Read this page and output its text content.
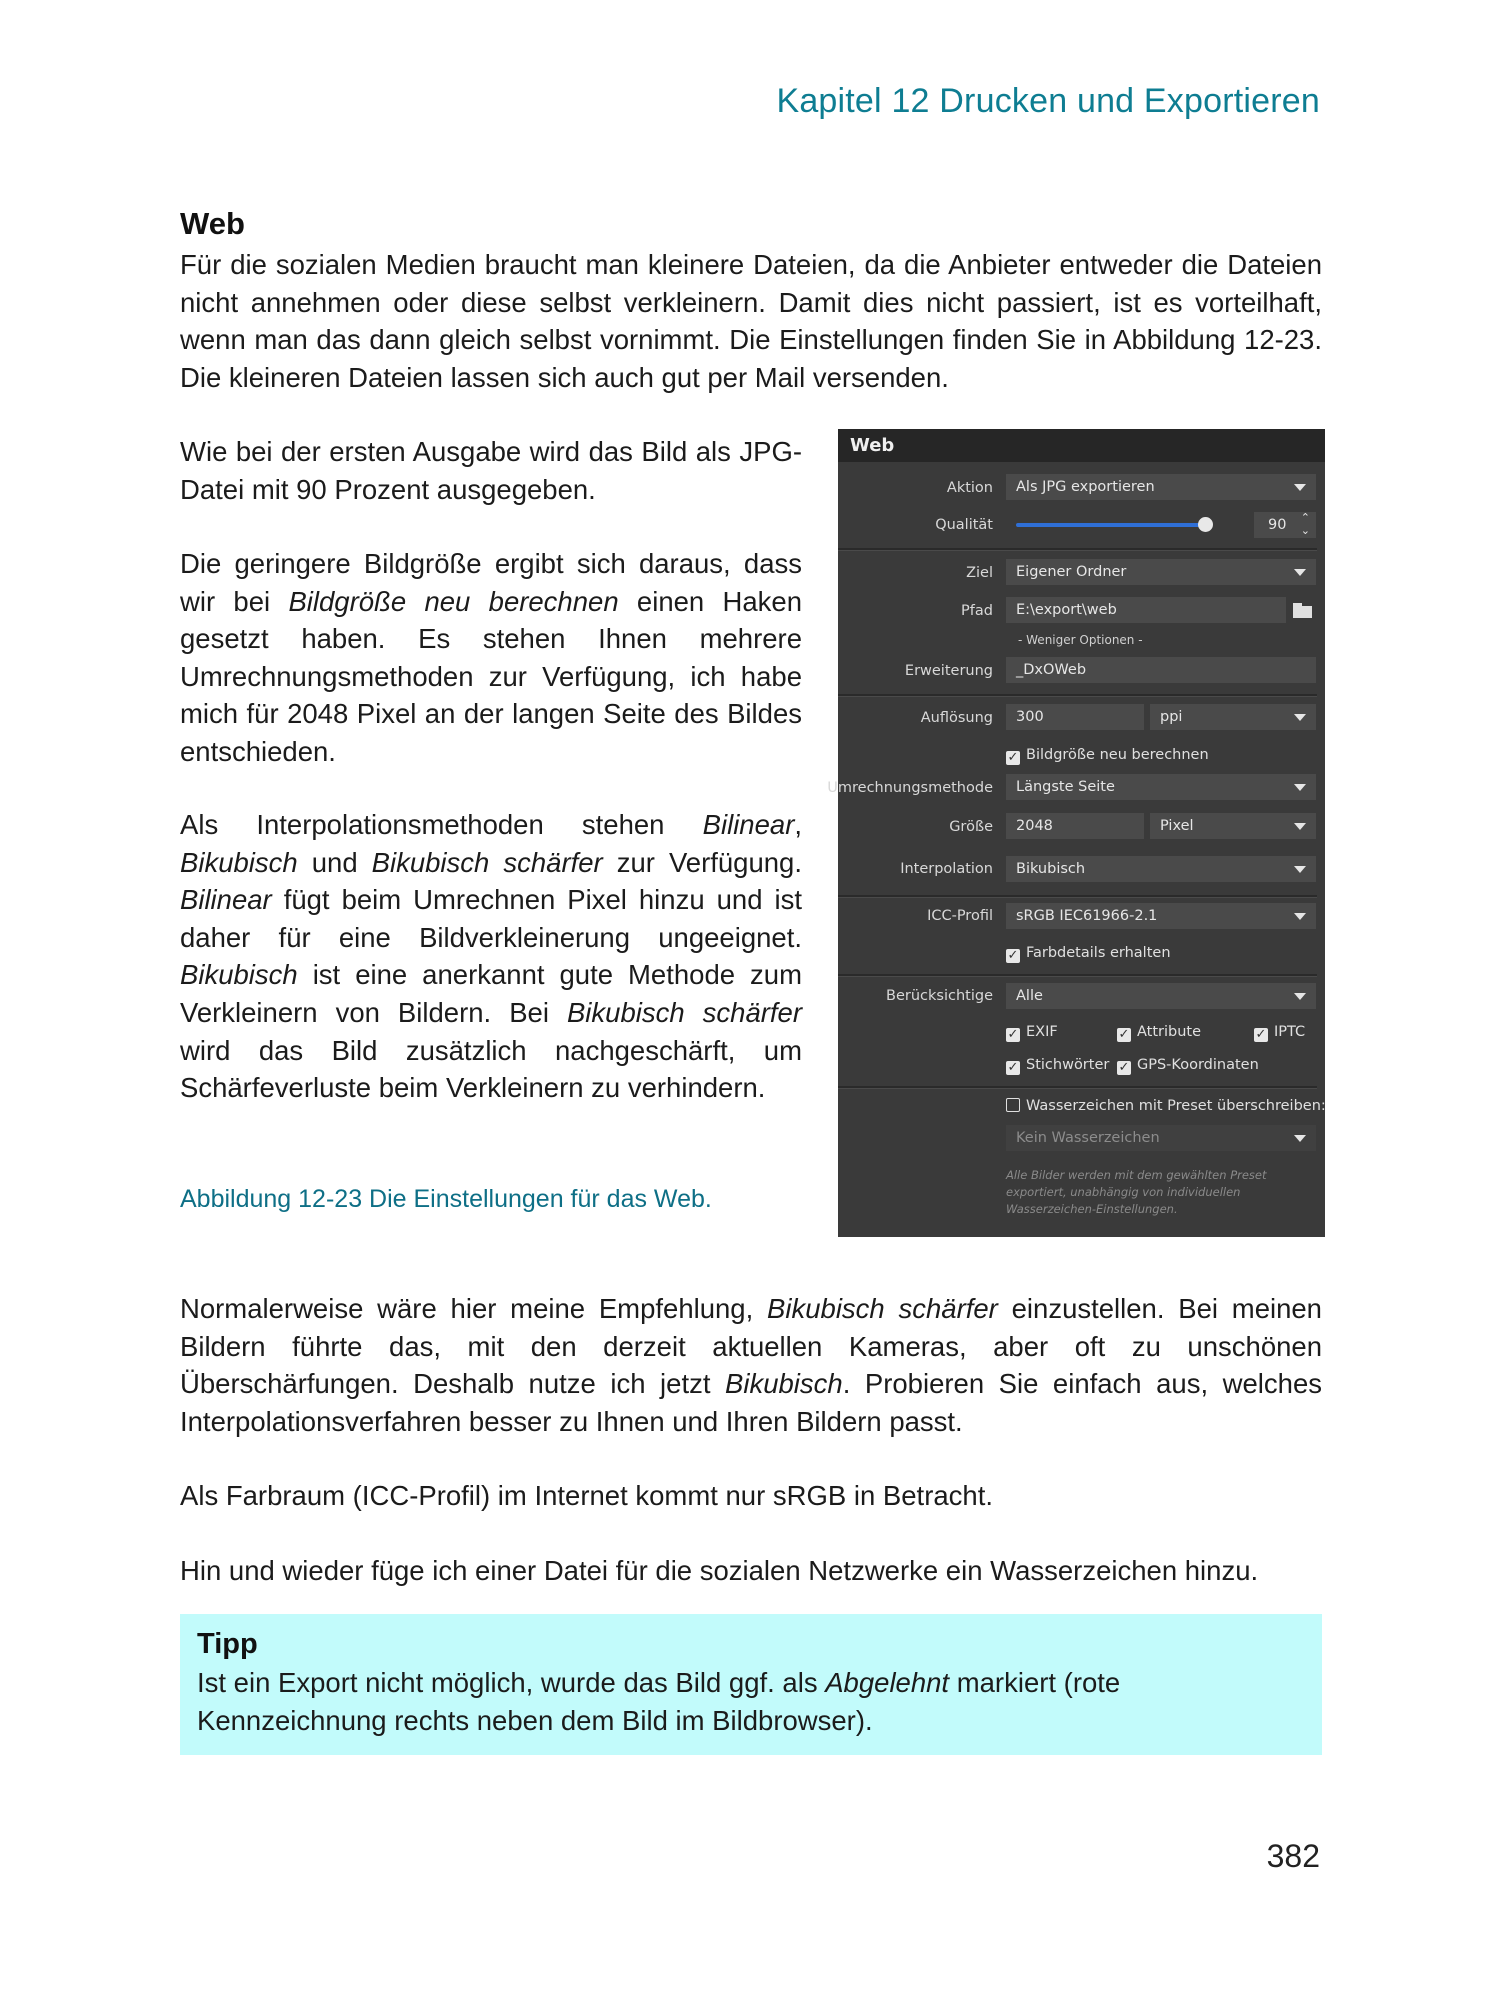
Kapitel 12 Drucken und Exportieren
Web
Für die sozialen Medien braucht man kleinere Dateien, da die Anbieter entweder die Dateien nicht annehmen oder diese selbst verkleinern. Damit dies nicht passiert, ist es vorteilhaft, wenn man das dann gleich selbst vornimmt. Die Einstellungen finden Sie in Abbildung 12-23. Die kleineren Dateien lassen sich auch gut per Mail versenden.
Wie bei der ersten Ausgabe wird das Bild als JPG-Datei mit 90 Prozent ausgegeben.
Die geringere Bildgröße ergibt sich daraus, dass wir bei Bildgröße neu berechnen einen Haken gesetzt haben. Es stehen Ihnen mehrere Umrechnungsmethoden zur Verfügung, ich habe mich für 2048 Pixel an der langen Seite des Bildes entschieden.
Als Interpolationsmethoden stehen Bilinear, Bikubisch und Bikubisch schärfer zur Verfügung. Bilinear fügt beim Umrechnen Pixel hinzu und ist daher für eine Bildverkleinerung ungeeignet. Bikubisch ist eine anerkannt gute Methode zum Verkleinern von Bildern. Bei Bikubisch schärfer wird das Bild zusätzlich nachgeschärft, um Schärfeverluste beim Verkleinern zu verhindern.
Abbildung 12-23 Die Einstellungen für das Web.
Web
Aktion	Als JPG exportieren
Qualität	90 ⌃
⌄
Ziel	Eigener Ordner
Pfad	E:\export\web
- Weniger Optionen -
Erweiterung	_DxOWeb
Auflösung	300	ppi
✓ Bildgröße neu berechnen
Umrechnungsmethode	Längste Seite
Größe	2048	Pixel
Interpolation	Bikubisch
ICC-Profil	sRGB IEC61966-2.1
✓ Farbdetails erhalten
Berücksichtige	Alle
✓ EXIF	✓ Attribute	✓ IPTC
✓ Stichwörter ✓ GPS-Koordinaten
Wasserzeichen mit Preset überschreiben:
Kein Wasserzeichen
Alle Bilder werden mit dem gewählten Preset exportiert, unabhängig von individuellen Wasserzeichen-Einstellungen.
Normalerweise wäre hier meine Empfehlung, Bikubisch schärfer einzustellen. Bei meinen Bildern führte das, mit den derzeit aktuellen Kameras, aber oft zu unschönen Überschärfungen. Deshalb nutze ich jetzt Bikubisch. Probieren Sie einfach aus, welches Interpolationsverfahren besser zu Ihnen und Ihren Bildern passt.
Als Farbraum (ICC-Profil) im Internet kommt nur sRGB in Betracht.
Hin und wieder füge ich einer Datei für die sozialen Netzwerke ein Wasserzeichen hinzu.
Tipp
Ist ein Export nicht möglich, wurde das Bild ggf. als Abgelehnt markiert (rote Kennzeichnung rechts neben dem Bild im Bildbrowser).
382
